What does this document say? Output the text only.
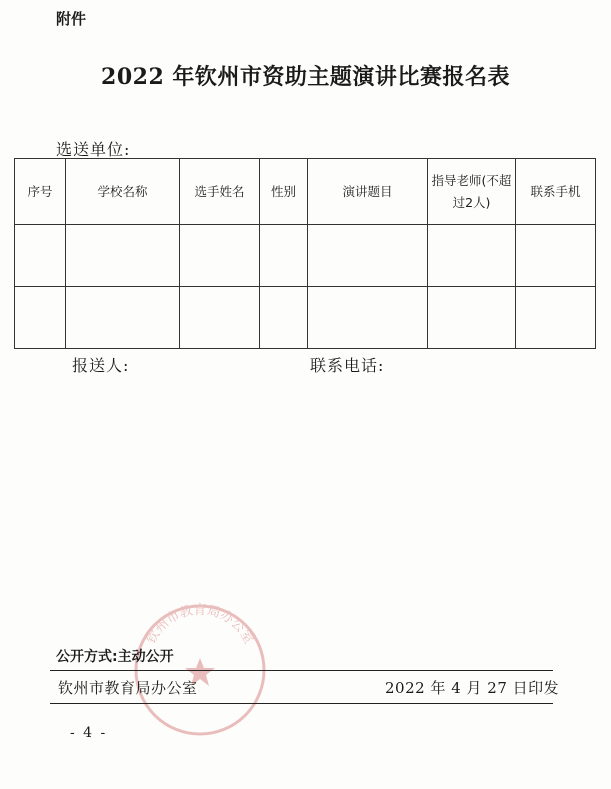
附件
2022 年钦州市资助主题演讲比赛报名表
选送单位:
序号	学校名称	选手姓名	性别	演讲题目	指导老师(不超过2人)	联系手机

报送人:	联系电话:
钦州市教育局办公室
公开方式:主动公开
钦州市教育局办公室	2022 年 4 月 27 日印发
- 4 -
